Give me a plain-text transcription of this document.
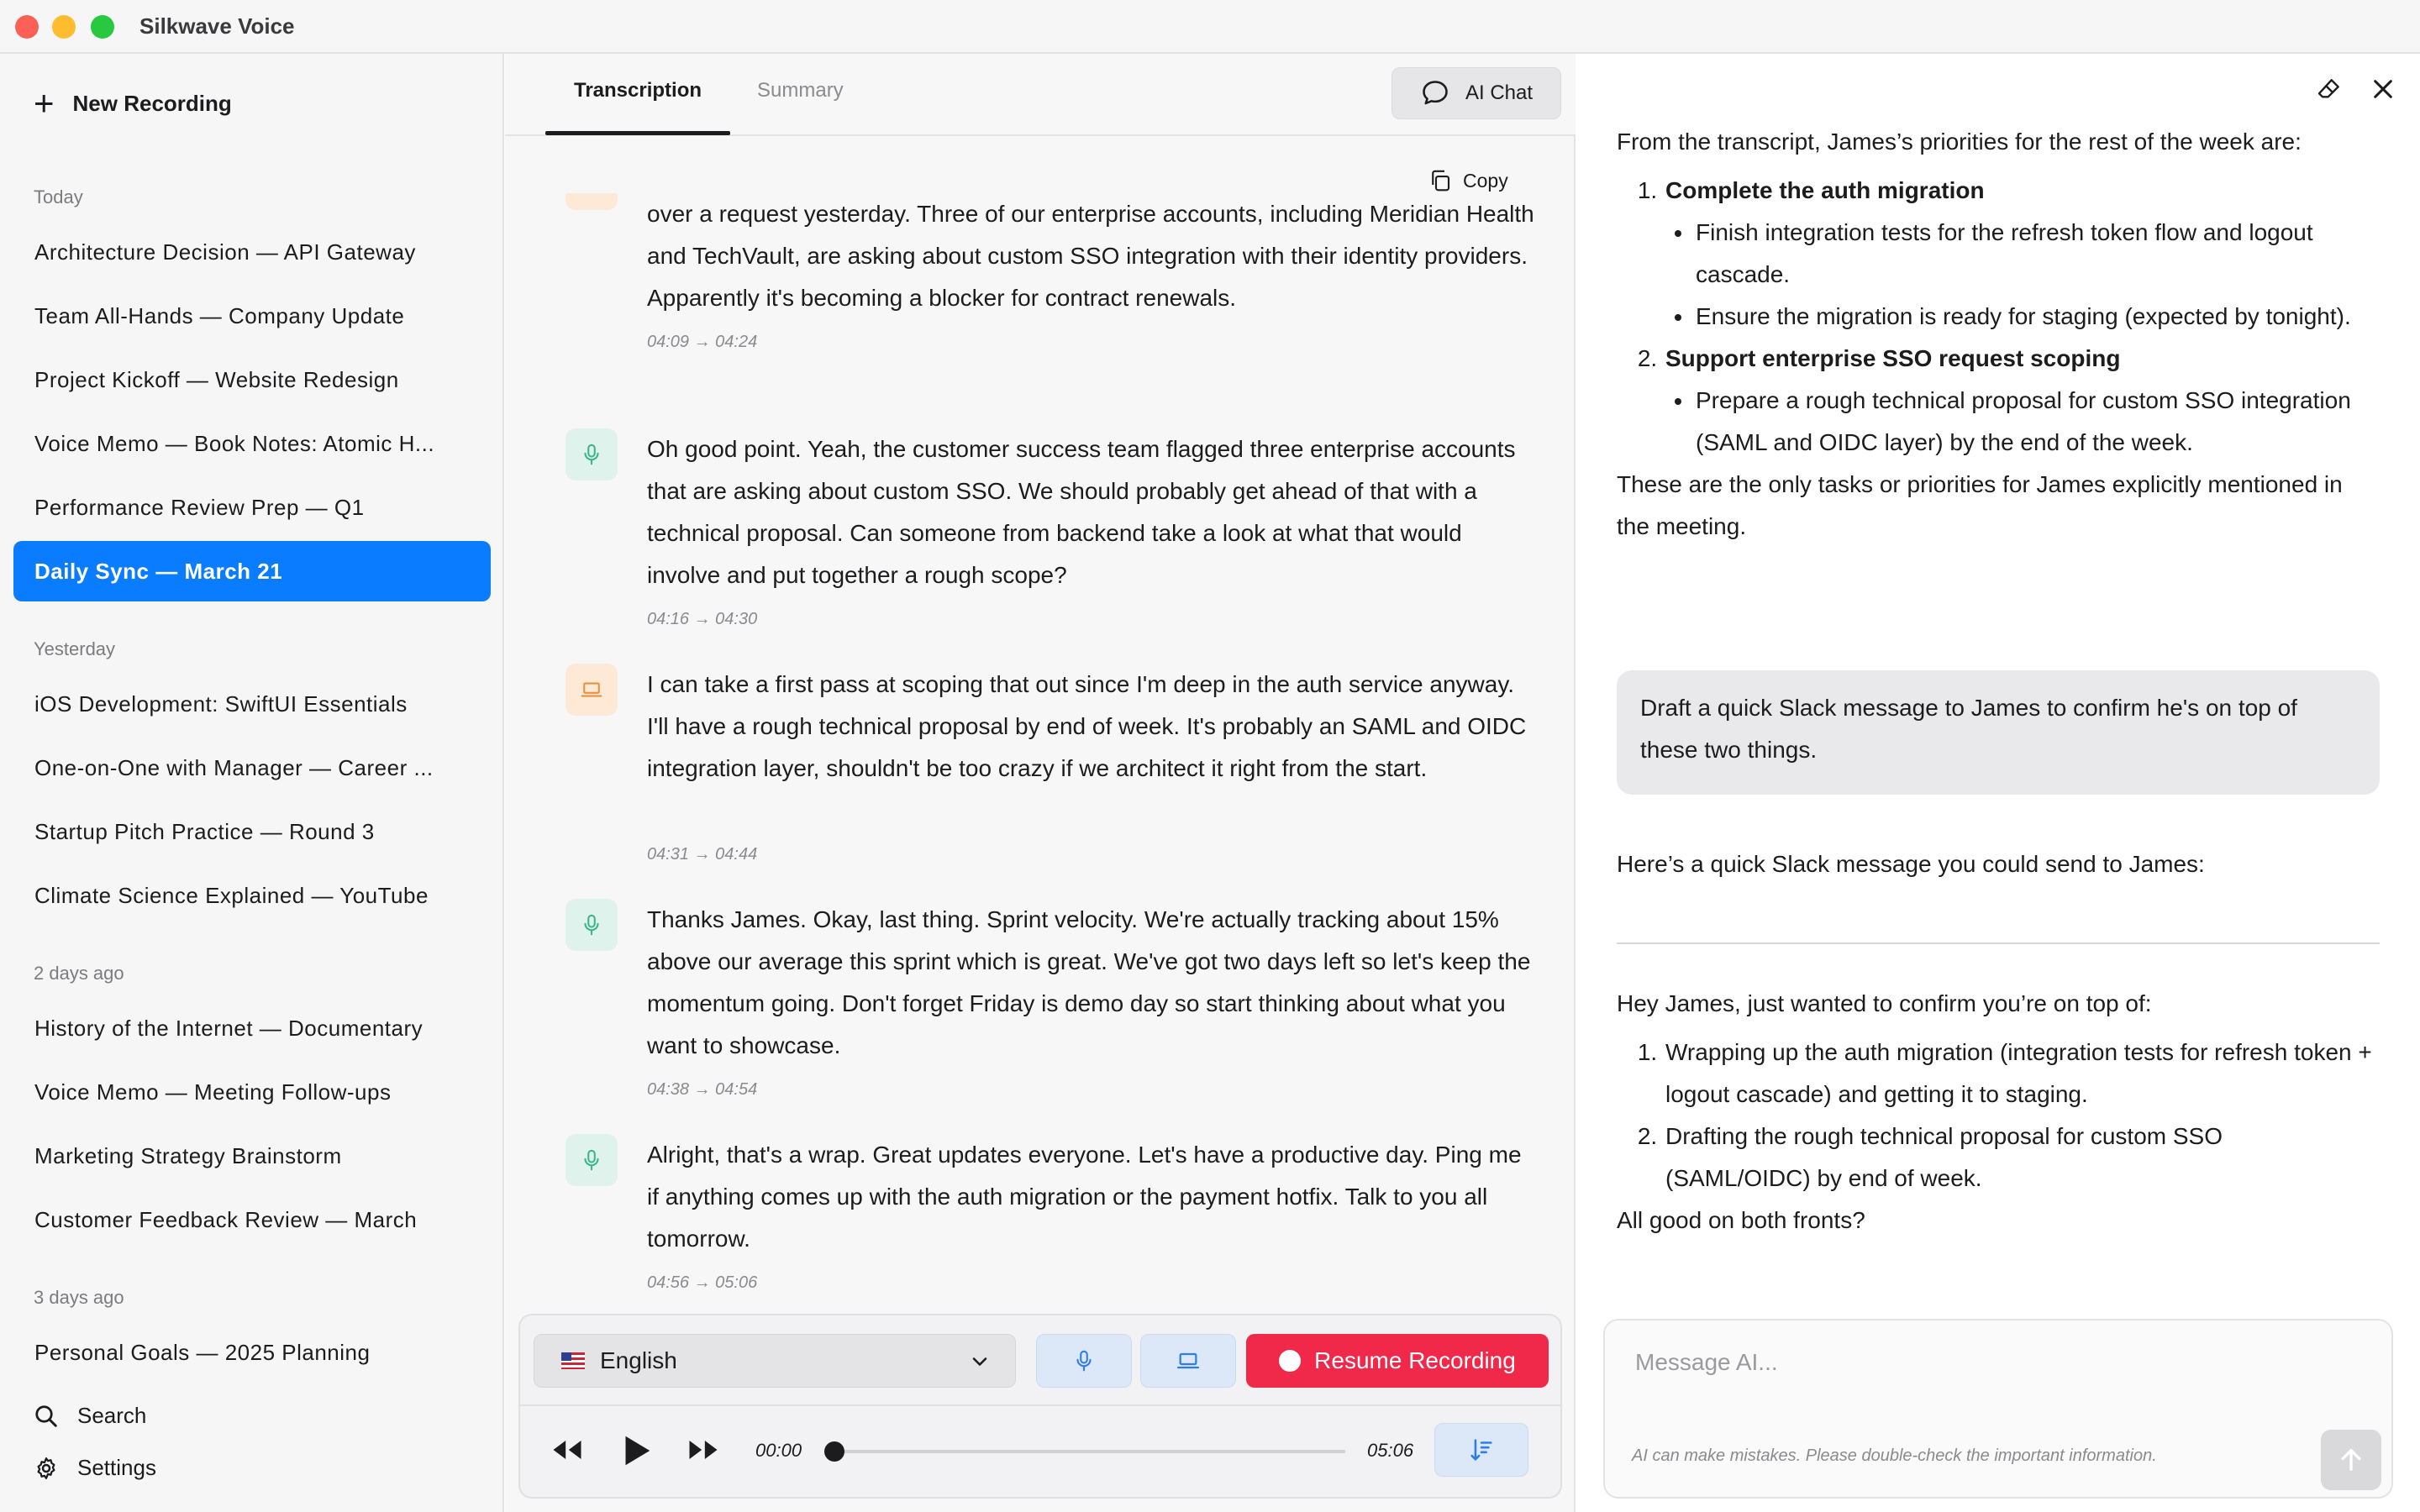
Silkwave Voice
+ New Recording
Today
Architecture Decision — API Gateway
Team All-Hands — Company Update
Project Kickoff — Website Redesign
Voice Memo — Book Notes: Atomic H...
Performance Review Prep — Q1
Daily Sync — March 21
Yesterday
iOS Development: SwiftUI Essentials
One-on-One with Manager — Career ...
Startup Pitch Practice — Round 3
Climate Science Explained — YouTube
2 days ago
History of the Internet — Documentary
Voice Memo — Meeting Follow-ups
Marketing Strategy Brainstorm
Customer Feedback Review — March
3 days ago
Personal Goals — 2025 Planning
Search
Settings
Transcription	Summary	AI Chat
Copy
over a request yesterday. Three of our enterprise accounts, including Meridian Health and TechVault, are asking about custom SSO integration with their identity providers. Apparently it's becoming a blocker for contract renewals.
04:09 → 04:24
Oh good point. Yeah, the customer success team flagged three enterprise accounts that are asking about custom SSO. We should probably get ahead of that with a technical proposal. Can someone from backend take a look at what that would involve and put together a rough scope?
04:16 → 04:30
I can take a first pass at scoping that out since I'm deep in the auth service anyway. I'll have a rough technical proposal by end of week. It's probably an SAML and OIDC integration layer, shouldn't be too crazy if we architect it right from the start.
04:31 → 04:44
Thanks James. Okay, last thing. Sprint velocity. We're actually tracking about 15% above our average this sprint which is great. We've got two days left so let's keep the momentum going. Don't forget Friday is demo day so start thinking about what you want to showcase.
04:38 → 04:54
Alright, that's a wrap. Great updates everyone. Let's have a productive day. Ping me if anything comes up with the auth migration or the payment hotfix. Talk to you all tomorrow.
04:56 → 05:06
English	Resume Recording
00:00	05:06

From the transcript, James’s priorities for the rest of the week are:

1. Complete the auth migration
• Finish integration tests for the refresh token flow and logout cascade.
• Ensure the migration is ready for staging (expected by tonight).
2. Support enterprise SSO request scoping
• Prepare a rough technical proposal for custom SSO integration (SAML and OIDC layer) by the end of the week.

These are the only tasks or priorities for James explicitly mentioned in the meeting.

Draft a quick Slack message to James to confirm he's on top of these two things.

Here’s a quick Slack message you could send to James:

Hey James, just wanted to confirm you’re on top of:

1. Wrapping up the auth migration (integration tests for refresh token + logout cascade) and getting it to staging.
2. Drafting the rough technical proposal for custom SSO (SAML/OIDC) by end of week.

All good on both fronts?

Message AI...
AI can make mistakes. Please double-check the important information.
